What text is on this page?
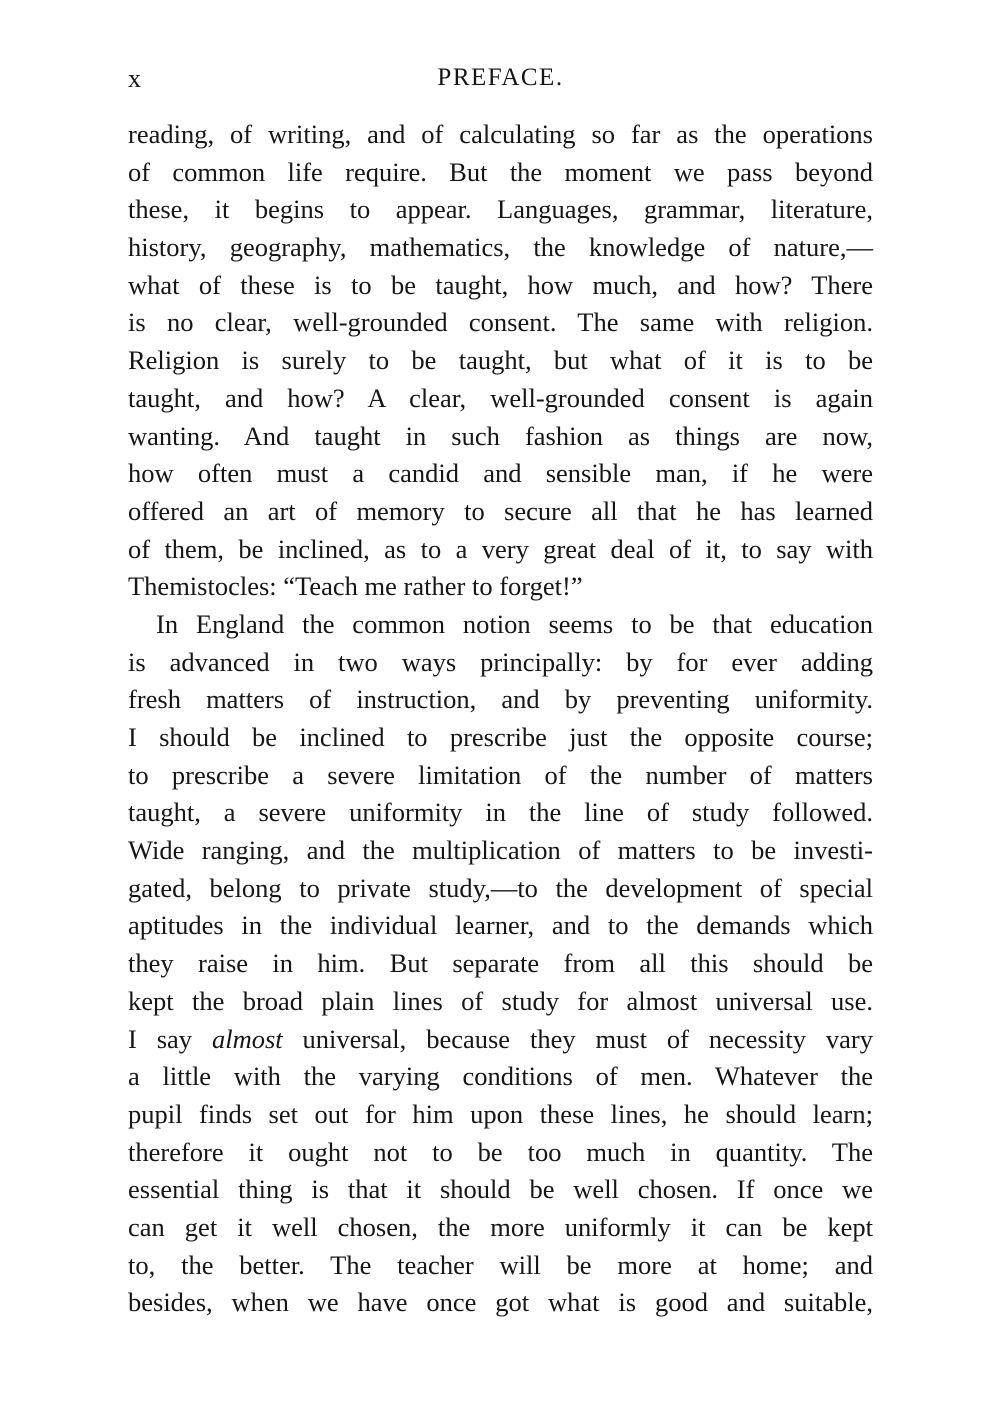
x	PREFACE.
reading, of writing, and of calculating so far as the operations
of common life require. But the moment we pass beyond
these, it begins to appear. Languages, grammar, literature,
history, geography, mathematics, the knowledge of nature,—
what of these is to be taught, how much, and how? There
is no clear, well-grounded consent. The same with religion.
Religion is surely to be taught, but what of it is to be
taught, and how? A clear, well-grounded consent is again
wanting. And taught in such fashion as things are now,
how often must a candid and sensible man, if he were
offered an art of memory to secure all that he has learned
of them, be inclined, as to a very great deal of it, to say with
Themistocles: “Teach me rather to forget!”
In England the common notion seems to be that education
is advanced in two ways principally: by for ever adding
fresh matters of instruction, and by preventing uniformity.
I should be inclined to prescribe just the opposite course;
to prescribe a severe limitation of the number of matters
taught, a severe uniformity in the line of study followed.
Wide ranging, and the multiplication of matters to be investi-
gated, belong to private study,—to the development of special
aptitudes in the individual learner, and to the demands which
they raise in him. But separate from all this should be
kept the broad plain lines of study for almost universal use.
I say almost universal, because they must of necessity vary
a little with the varying conditions of men. Whatever the
pupil finds set out for him upon these lines, he should learn;
therefore it ought not to be too much in quantity. The
essential thing is that it should be well chosen. If once we
can get it well chosen, the more uniformly it can be kept
to, the better. The teacher will be more at home; and
besides, when we have once got what is good and suitable,
